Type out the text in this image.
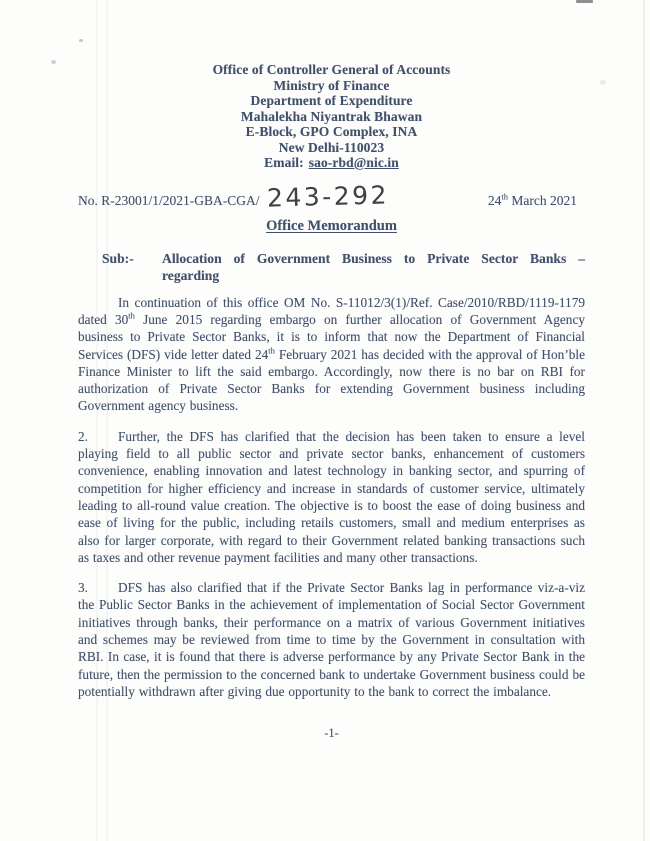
Office of Controller General of Accounts
Ministry of Finance
Department of Expenditure
Mahalekha Niyantrak Bhawan
E-Block, GPO Complex, INA
New Delhi-110023
Email: sao-rbd@nic.in
No. R-23001/1/2021-GBA-CGA/ 243-292	24th March 2021
Office Memorandum
Sub:-	Allocation of Government Business to Private Sector Banks –
regarding

In continuation of this office OM No. S-11012/3(1)/Ref. Case/2010/RBD/1119-1179 dated 30th June 2015 regarding embargo on further allocation of Government Agency business to Private Sector Banks, it is to inform that now the Department of Financial Services (DFS) vide letter dated 24th February 2021 has decided with the approval of Hon’ble Finance Minister to lift the said embargo. Accordingly, now there is no bar on RBI for authorization of Private Sector Banks for extending Government business including Government agency business.

2. Further, the DFS has clarified that the decision has been taken to ensure a level playing field to all public sector and private sector banks, enhancement of customers convenience, enabling innovation and latest technology in banking sector, and spurring of competition for higher efficiency and increase in standards of customer service, ultimately leading to all-round value creation. The objective is to boost the ease of doing business and ease of living for the public, including retails customers, small and medium enterprises as also for larger corporate, with regard to their Government related banking transactions such as taxes and other revenue payment facilities and many other transactions.

3. DFS has also clarified that if the Private Sector Banks lag in performance viz-a-viz the Public Sector Banks in the achievement of implementation of Social Sector Government initiatives through banks, their performance on a matrix of various Government initiatives and schemes may be reviewed from time to time by the Government in consultation with RBI. In case, it is found that there is adverse performance by any Private Sector Bank in the future, then the permission to the concerned bank to undertake Government business could be potentially withdrawn after giving due opportunity to the bank to correct the imbalance.

-1-
